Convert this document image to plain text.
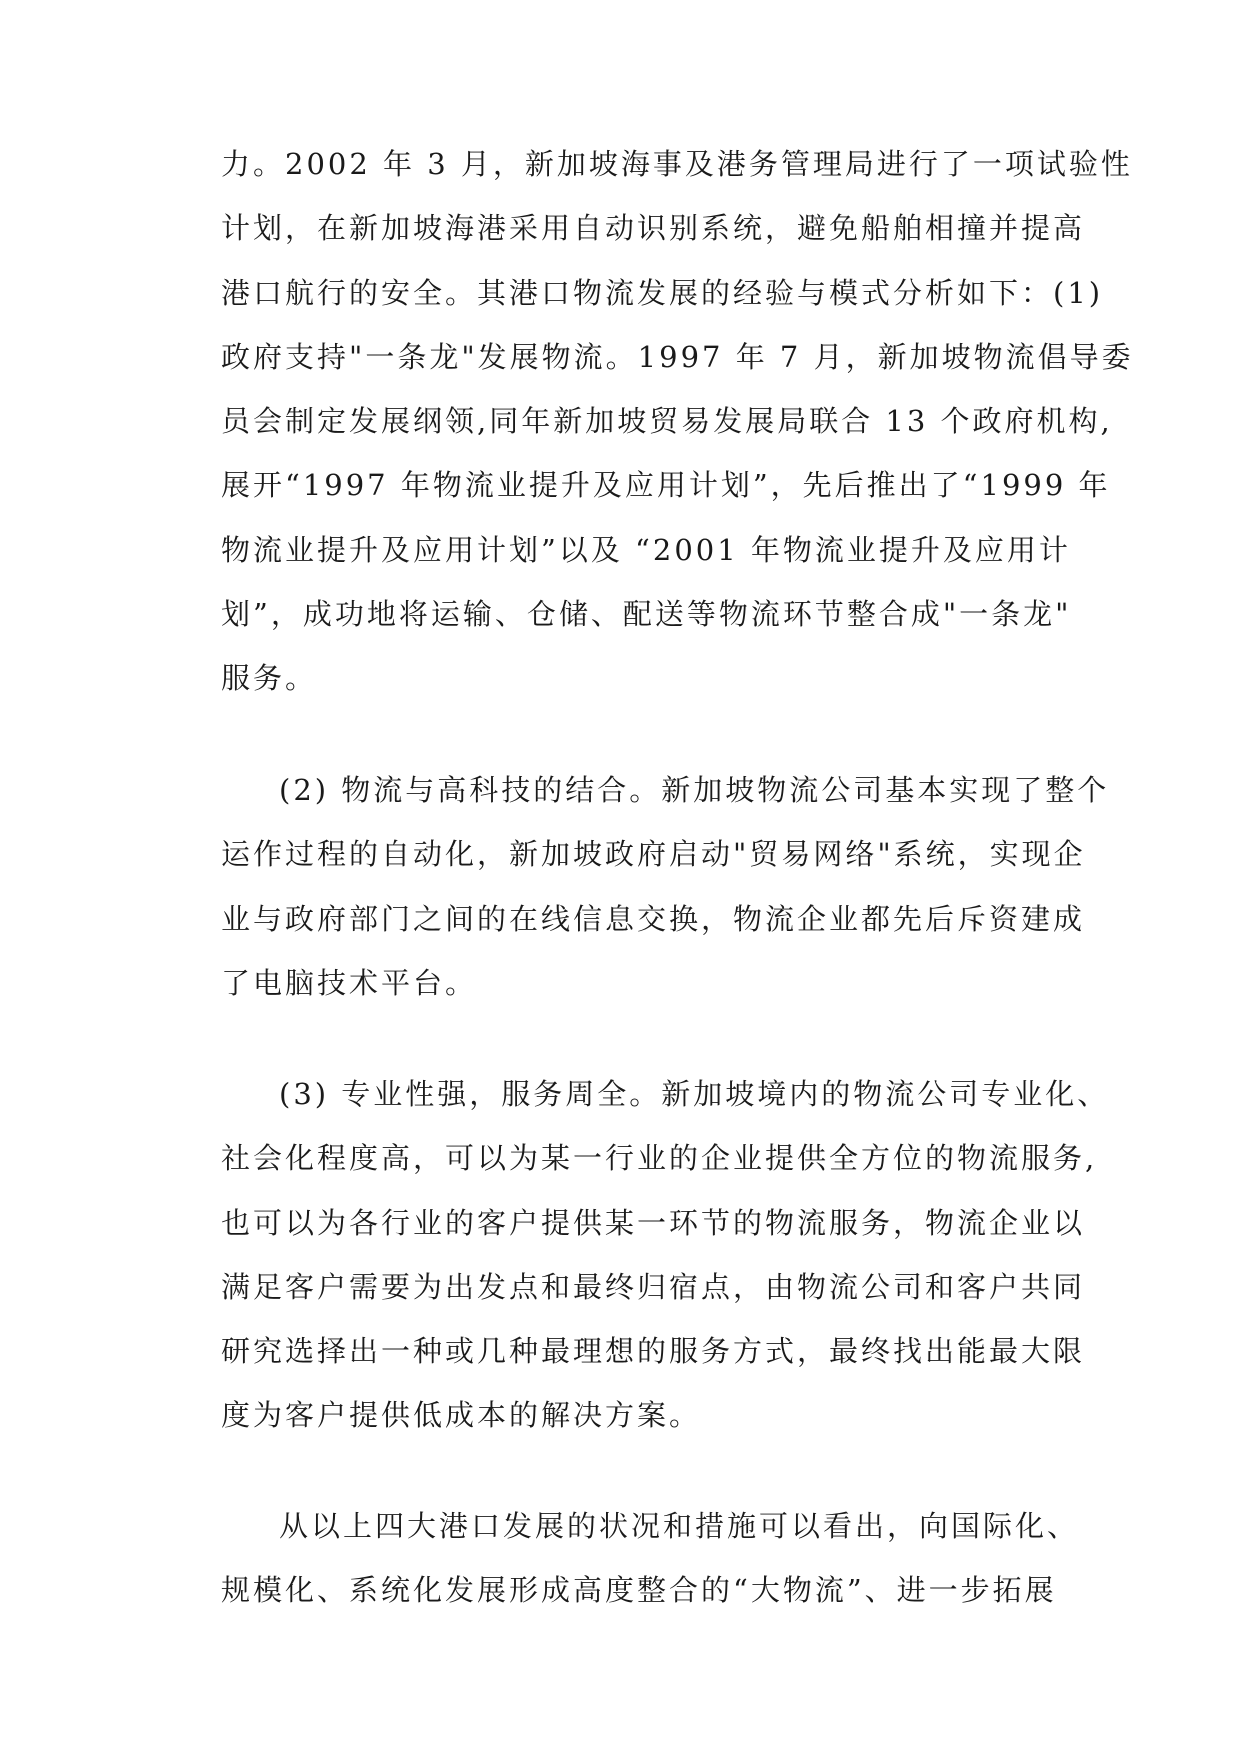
力。2002 年 3 月，新加坡海事及港务管理局进行了一项试验性
计划，在新加坡海港采用自动识别系统，避免船舶相撞并提高
港口航行的安全。其港口物流发展的经验与模式分析如下：(1)
政府支持"一条龙"发展物流。1997 年 7 月，新加坡物流倡导委
员会制定发展纲领,同年新加坡贸易发展局联合 13 个政府机构,
展开“1997 年物流业提升及应用计划”，先后推出了“1999 年
物流业提升及应用计划”以及 “2001 年物流业提升及应用计
划”，成功地将运输、仓储、配送等物流环节整合成"一条龙"
服务。
(2) 物流与高科技的结合。新加坡物流公司基本实现了整个
运作过程的自动化，新加坡政府启动"贸易网络"系统，实现企
业与政府部门之间的在线信息交换，物流企业都先后斥资建成
了电脑技术平台。
(3) 专业性强，服务周全。新加坡境内的物流公司专业化、
社会化程度高，可以为某一行业的企业提供全方位的物流服务,
也可以为各行业的客户提供某一环节的物流服务，物流企业以
满足客户需要为出发点和最终归宿点，由物流公司和客户共同
研究选择出一种或几种最理想的服务方式，最终找出能最大限
度为客户提供低成本的解决方案。
从以上四大港口发展的状况和措施可以看出，向国际化、
规模化、系统化发展形成高度整合的“大物流”、进一步拓展
